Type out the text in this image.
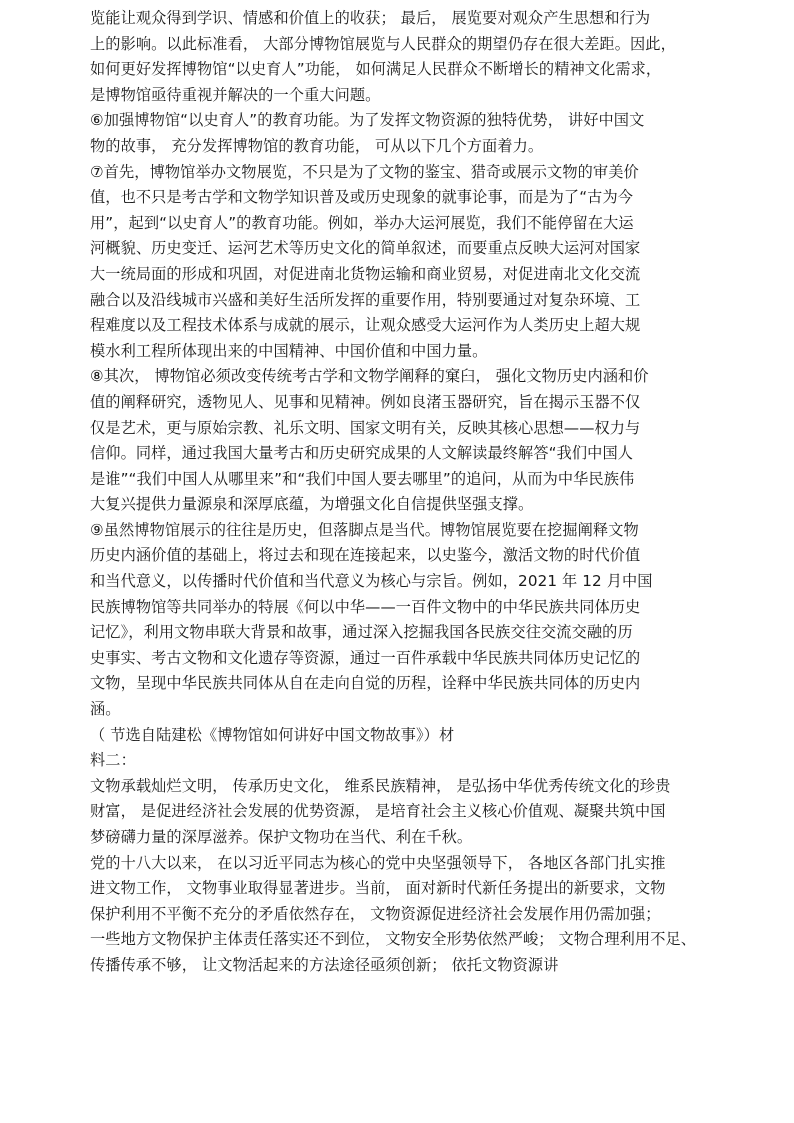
览能让观众得到学识、情感和价值上的收获； 最后， 展览要对观众产生思想和行为
上的影响。以此标准看， 大部分博物馆展览与人民群众的期望仍存在很大差距。因此，
如何更好发挥博物馆“以史育人”功能， 如何满足人民群众不断增长的精神文化需求，
是博物馆亟待重视并解决的一个重大问题。
⑥加强博物馆“以史育人”的教育功能。为了发挥文物资源的独特优势， 讲好中国文
物的故事， 充分发挥博物馆的教育功能， 可从以下几个方面着力。
⑦首先，博物馆举办文物展览，不只是为了文物的鉴宝、猎奇或展示文物的审美价
值，也不只是考古学和文物学知识普及或历史现象的就事论事，而是为了“古为今
用”，起到“以史育人”的教育功能。例如，举办大运河展览，我们不能停留在大运
河概貌、历史变迁、运河艺术等历史文化的简单叙述，而要重点反映大运河对国家
大一统局面的形成和巩固，对促进南北货物运输和商业贸易，对促进南北文化交流
融合以及沿线城市兴盛和美好生活所发挥的重要作用，特别要通过对复杂环境、工
程难度以及工程技术体系与成就的展示，让观众感受大运河作为人类历史上超大规
模水利工程所体现出来的中国精神、中国价值和中国力量。
⑧其次， 博物馆必须改变传统考古学和文物学阐释的窠臼， 强化文物历史内涵和价
值的阐释研究，透物见人、见事和见精神。例如良渚玉器研究，旨在揭示玉器不仅
仅是艺术，更与原始宗教、礼乐文明、国家文明有关，反映其核心思想——权力与
信仰。同样，通过我国大量考古和历史研究成果的人文解读最终解答“我们中国人
是谁”“我们中国人从哪里来”和“我们中国人要去哪里”的追问，从而为中华民族伟
大复兴提供力量源泉和深厚底蕴，为增强文化自信提供坚强支撑。
⑨虽然博物馆展示的往往是历史，但落脚点是当代。博物馆展览要在挖掘阐释文物
历史内涵价值的基础上，将过去和现在连接起来，以史鉴今，激活文物的时代价值
和当代意义，以传播时代价值和当代意义为核心与宗旨。例如，2021 年 12 月中国
民族博物馆等共同举办的特展《何以中华——一百件文物中的中华民族共同体历史
记忆》，利用文物串联大背景和故事，通过深入挖掘我国各民族交往交流交融的历
史事实、考古文物和文化遗存等资源，通过一百件承载中华民族共同体历史记忆的
文物，呈现中华民族共同体从自在走向自觉的历程，诠释中华民族共同体的历史内
涵。
（ 节选自陆建松《博物馆如何讲好中国文物故事》）材
料二：
文物承载灿烂文明， 传承历史文化， 维系民族精神， 是弘扬中华优秀传统文化的珍贵
财富， 是促进经济社会发展的优势资源， 是培育社会主义核心价值观、凝聚共筑中国
梦磅礴力量的深厚滋养。保护文物功在当代、利在千秋。
党的十八大以来， 在以习近平同志为核心的党中央坚强领导下， 各地区各部门扎实推
进文物工作， 文物事业取得显著进步。当前， 面对新时代新任务提出的新要求，文物
保护利用不平衡不充分的矛盾依然存在， 文物资源促进经济社会发展作用仍需加强；
一些地方文物保护主体责任落实还不到位， 文物安全形势依然严峻； 文物合理利用不足、
传播传承不够， 让文物活起来的方法途径亟须创新； 依托文物资源讲
